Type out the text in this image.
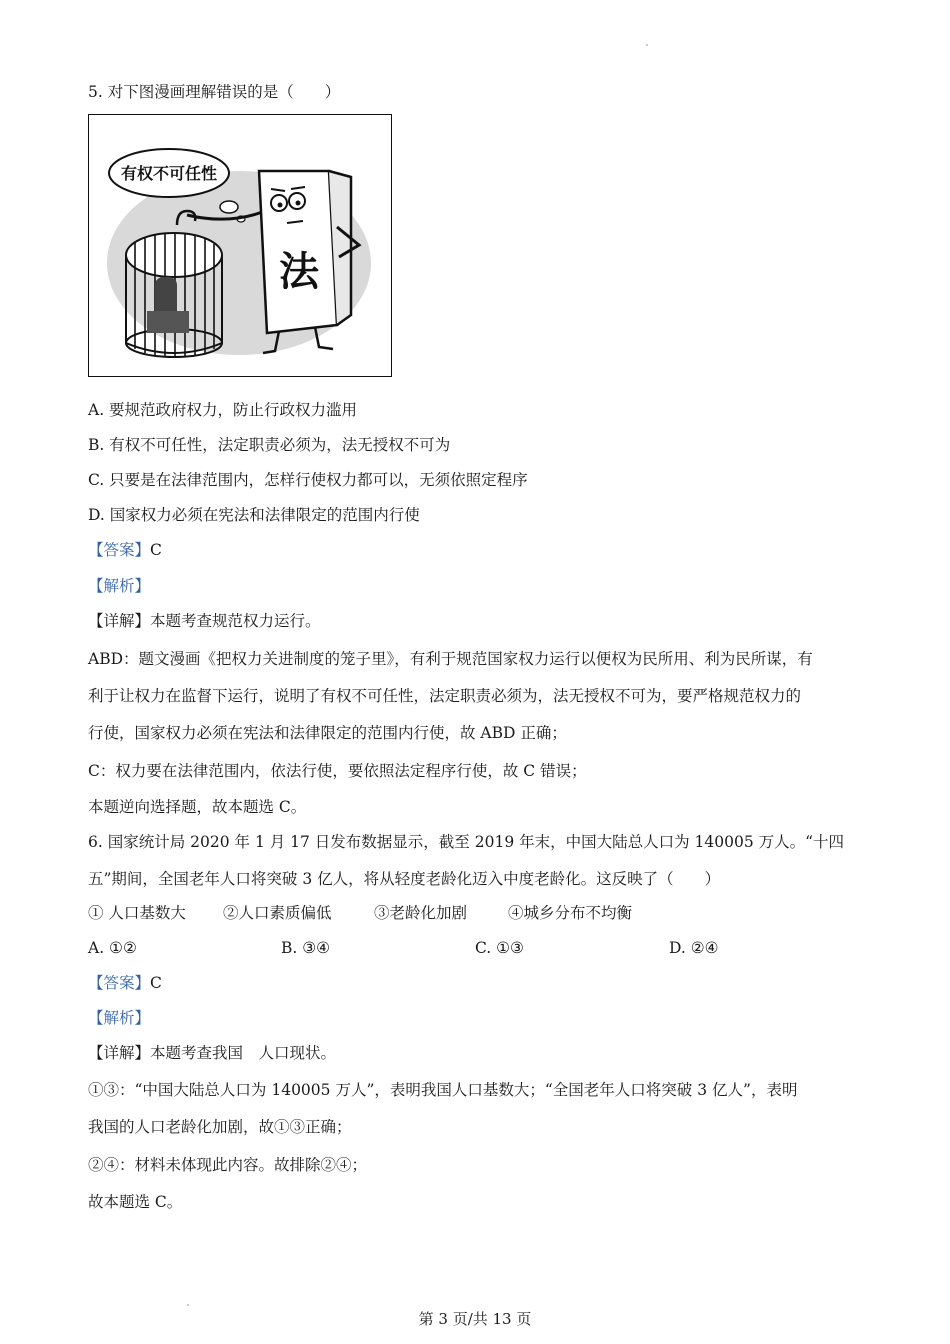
5. 对下图漫画理解错误的是（　　）
有权不可任性
法
A. 要规范政府权力，防止行政权力滥用
B. 有权不可任性，法定职责必须为，法无授权不可为
C. 只要是在法律范围内，怎样行使权力都可以，无须依照定程序
D. 国家权力必须在宪法和法律限定的范围内行使
【答案】C
【解析】
【详解】本题考查规范权力运行。
ABD：题文漫画《把权力关进制度的笼子里》，有利于规范国家权力运行以便权为民所用、利为民所谋，有
利于让权力在监督下运行，说明了有权不可任性，法定职责必须为，法无授权不可为，要严格规范权力的
行使，国家权力必须在宪法和法律限定的范围内行使，故 ABD 正确；
C：权力要在法律范围内，依法行使，要依照法定程序行使，故 C 错误；
本题逆向选择题，故本题选 C。
6. 国家统计局 2020 年 1 月 17 日发布数据显示，截至 2019 年末，中国大陆总人口为 140005 万人。“十四
五”期间，全国老年人口将突破 3 亿人，将从轻度老龄化迈入中度老龄化。这反映了（　　）
① 人口基数大 ②人口素质偏低	③老龄化加剧	④城乡分布不均衡
A. ①②	B. ③④	C. ①③	D. ②④
【答案】C
【解析】
【详解】本题考查我国　人口现状。
①③：“中国大陆总人口为 140005 万人”，表明我国人口基数大；“全国老年人口将突破 3 亿人”，表明
我国的人口老龄化加剧，故①③正确；
②④：材料未体现此内容。故排除②④；
故本题选 C。
第 3 页/共 13 页
